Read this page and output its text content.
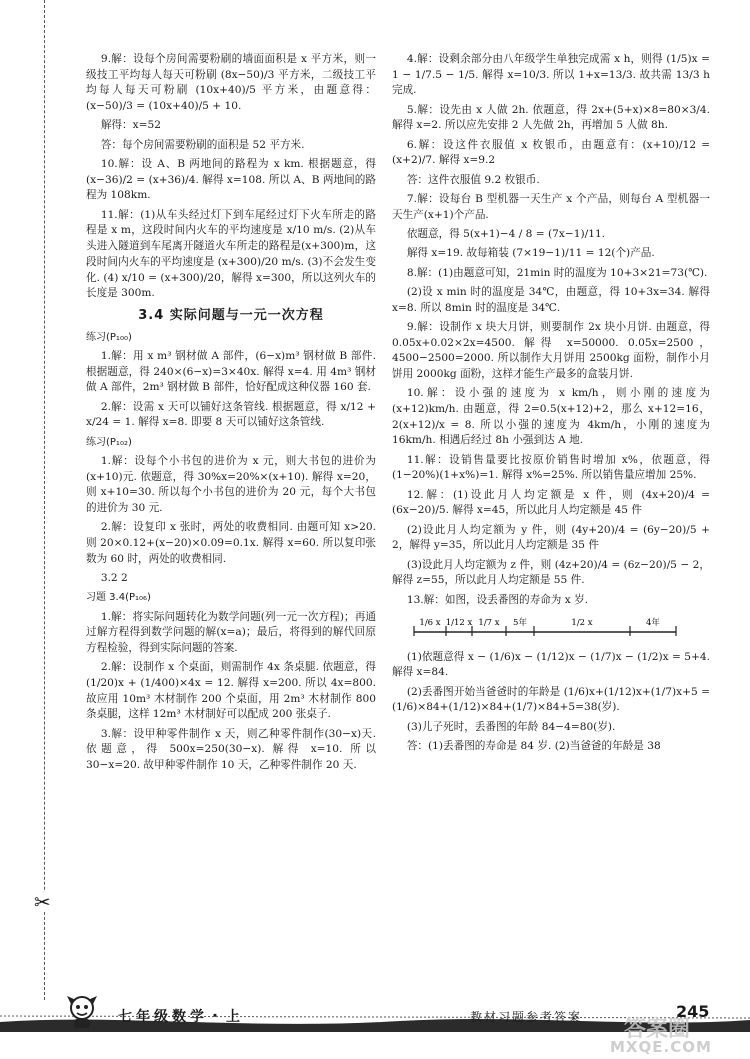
✂

9.解：设每个房间需要粉刷的墙面面积是 x 平方米，则一级技工平均每人每天可粉刷 (8x−50)/3 平方米，二级技工平均每人每天可粉刷 (10x+40)/5 平方米，由题意得：(x−50)/3 = (10x+40)/5 + 10.

解得：x=52

答：每个房间需要粉刷的面积是 52 平方米.

10.解：设 A、B 两地间的路程为 x km. 根据题意，得 (x−36)/2 = (x+36)/4. 解得 x=108. 所以 A、B 两地间的路程为 108km.

11.解：(1)从车头经过灯下到车尾经过灯下火车所走的路程是 x m，这段时间内火车的平均速度是 x/10 m/s. (2)从车头进入隧道到车尾离开隧道火车所走的路程是(x+300)m，这段时间内火车的平均速度是 (x+300)/20 m/s. (3)不会发生变化. (4) x/10 = (x+300)/20，解得 x=300，所以这列火车的长度是 300m.

3.4 实际问题与一元一次方程

练习(P₁₀₀)

1.解：用 x m³ 钢材做 A 部件，(6−x)m³ 钢材做 B 部件. 根据题意，得 240×(6−x)=3×40x. 解得 x=4. 用 4m³ 钢材做 A 部件，2m³ 钢材做 B 部件，恰好配成这种仪器 160 套.

2.解：设需 x 天可以铺好这条管线. 根据题意，得 x/12 + x/24 = 1. 解得 x=8. 即要 8 天可以铺好这条管线.

练习(P₁₀₂)

1.解：设每个小书包的进价为 x 元，则大书包的进价为(x+10)元. 依题意，得 30%x=20%×(x+10). 解得 x=20，则 x+10=30. 所以每个小书包的进价为 20 元，每个大书包的进价为 30 元.

2.解：设复印 x 张时，两处的收费相同. 由题可知 x>20. 则 20×0.12+(x−20)×0.09=0.1x. 解得 x=60. 所以复印张数为 60 时，两处的收费相同.

3.2 2

习题 3.4(P₁₀₆)

1.解：将实际问题转化为数学问题(列一元一次方程)；再通过解方程得到数学问题的解(x=a)；最后，将得到的解代回原方程检验，得到实际问题的答案.

2.解：设制作 x 个桌面，则需制作 4x 条桌腿. 依题意，得 (1/20)x + (1/400)×4x = 12. 解得 x=200. 所以 4x=800. 故应用 10m³ 木材制作 200 个桌面，用 2m³ 木材制作 800 条桌腿，这样 12m³ 木材制好可以配成 200 张桌子.

3.解：设甲种零件制作 x 天，则乙种零件制作(30−x)天. 依题意，得 500x=250(30−x). 解得 x=10. 所以 30−x=20. 故甲种零件制作 10 天，乙种零件制作 20 天.

4.解：设剩余部分由八年级学生单独完成需 x h，则得 (1/5)x = 1 − 1/7.5 − 1/5. 解得 x=10/3. 所以 1+x=13/3. 故共需 13/3 h 完成.

5.解：设先由 x 人做 2h. 依题意，得 2x+(5+x)×8=80×3/4. 解得 x=2. 所以应先安排 2 人先做 2h，再增加 5 人做 8h.

6.解：设这件衣服值 x 枚银币，由题意有：(x+10)/12 = (x+2)/7. 解得 x=9.2

答：这件衣服值 9.2 枚银币.

7.解：设每台 B 型机器一天生产 x 个产品，则每台 A 型机器一天生产(x+1)个产品.

依题意，得 5(x+1)−4 / 8 = (7x−1)/11.

解得 x=19. 故每箱装 (7×19−1)/11 = 12(个)产品.

8.解：(1)由题意可知，21min 时的温度为 10+3×21=73(℃).

(2)设 x min 时的温度是 34℃，由题意，得 10+3x=34. 解得 x=8. 所以 8min 时的温度是 34℃.

9.解：设制作 x 块大月饼，则要制作 2x 块小月饼. 由题意，得 0.05x+0.02×2x=4500. 解得 x=50000. 0.05x=2500，4500−2500=2000. 所以制作大月饼用 2500kg 面粉，制作小月饼用 2000kg 面粉，这样才能生产最多的盒装月饼.

10.解：设小强的速度为 x km/h，则小刚的速度为(x+12)km/h. 由题意，得 2=0.5(x+12)+2，那么 x+12=16，2(x+12)/x = 8. 所以小强的速度为 4km/h，小刚的速度为 16km/h. 相遇后经过 8h 小强到达 A 地.

11.解：设销售量要比按原价销售时增加 x%，依题意，得(1−20%)(1+x%)=1. 解得 x%=25%. 所以销售量应增加 25%.

12.解：(1)设此月人均定额是 x 件，则 (4x+20)/4 = (6x−20)/5. 解得 x=45，所以此月人均定额是 45 件

(2)设此月人均定额为 y 件，则 (4y+20)/4 = (6y−20)/5 + 2，解得 y=35，所以此月人均定额是 35 件

(3)设此月人均定额为 z 件，则 (4z+20)/4 = (6z−20)/5 − 2，解得 z=55，所以此月人均定额是 55 件.

13.解：如图，设丢番图的寿命为 x 岁.

1/6 x 1/12 x 1/7 x 5年	1/2 x	4年

(1)依题意得 x − (1/6)x − (1/12)x − (1/7)x − (1/2)x = 5+4. 解得 x=84.

(2)丢番图开始当爸爸时的年龄是 (1/6)x+(1/12)x+(1/7)x+5 = (1/6)×84+(1/12)×84+(1/7)×84+5=38(岁).

(3)儿子死时，丢番图的年龄 84−4=80(岁).

答：(1)丢番图的寿命是 84 岁. (2)当爸爸的年龄是 38

七年级数学・上	教材习题参考答案	245
答案圈
MXQE.COM
